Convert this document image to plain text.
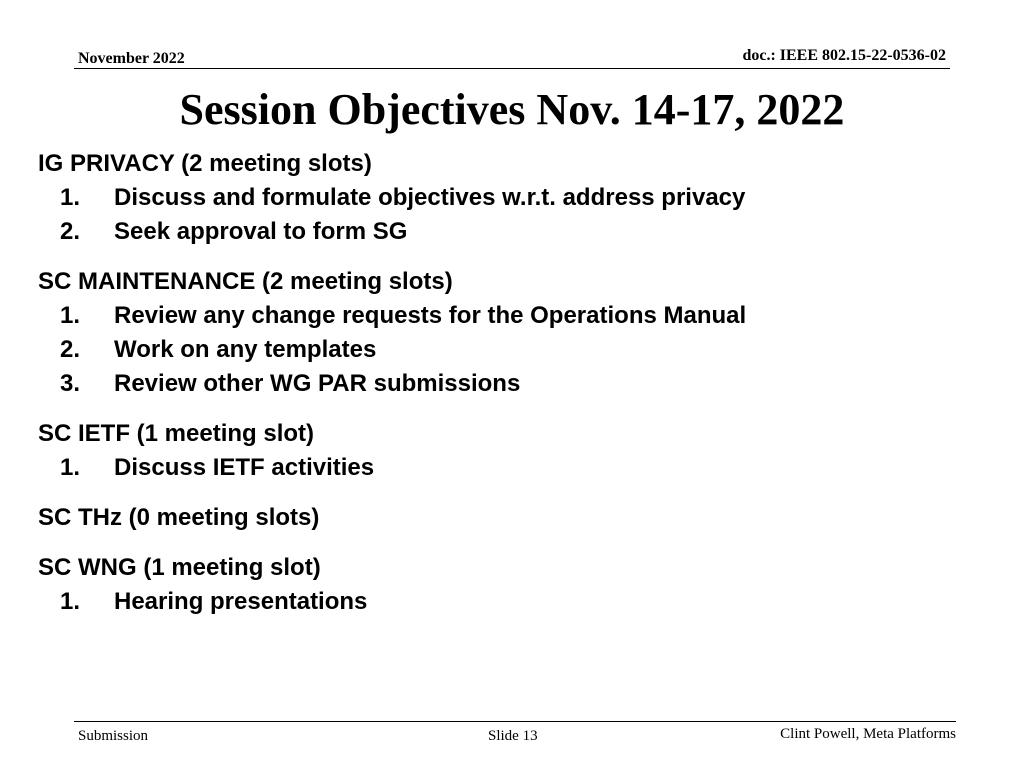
November 2022	doc.: IEEE 802.15-22-0536-02
Session Objectives Nov. 14-17, 2022
IG PRIVACY (2 meeting slots)
1. Discuss and formulate objectives w.r.t. address privacy
2. Seek approval to form SG
SC MAINTENANCE (2 meeting slots)
1. Review any change requests for the Operations Manual
2. Work on any templates
3. Review other WG PAR submissions
SC IETF (1 meeting slot)
1. Discuss IETF activities
SC THz (0 meeting slots)
SC WNG (1 meeting slot)
1. Hearing presentations
Submission	Slide 13	Clint Powell, Meta Platforms
